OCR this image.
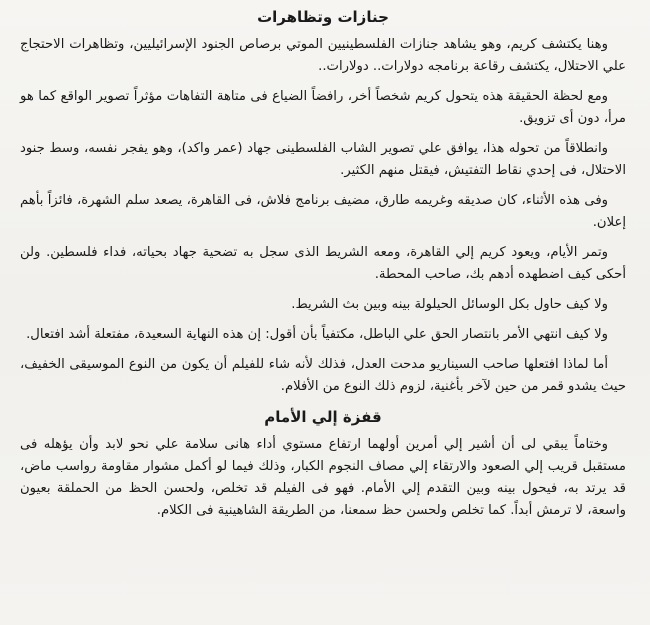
جنازات وتظاهرات

وهنا يكتشف كريم، وهو يشاهد جنازات الفلسطينيين الموتي برصاص الجنود الإسرائيليين، وتظاهرات الاحتجاج علي الاحتلال، يكتشف رقاعة برنامجه دولارات.. دولارات..

ومع لحظة الحقيقة هذه يتحول كريم شخصاً أخر، رافضاً الضياع فى متاهة التفاهات مؤثراً تصوير الواقع كما هو مرأ، دون أى تزويق.

وانطلاقاً من تحوله هذا، يوافق علي تصوير الشاب الفلسطينى جهاد (عمر واكد)، وهو يفجر نفسه، وسط جنود الاحتلال، فى إحدي نقاط التفتيش، فيقتل منهم الكثير.

وفى هذه الأثناء، كان صديقه وغريمه طارق، مضيف برنامج فلاش، فى القاهرة، يصعد سلم الشهرة، فائزاً بأهم إعلان.

وتمر الأيام، ويعود كريم إلي القاهرة، ومعه الشريط الذى سجل به تضحية جهاد بحياته، فداء فلسطين. ولن أحكى كيف اضطهده أدهم بك، صاحب المحطة.

ولا كيف حاول بكل الوسائل الحيلولة بينه وبين بث الشريط.

ولا كيف انتهي الأمر بانتصار الحق علي الباطل، مكتفياً بأن أقول: إن هذه النهاية السعيدة، مفتعلة أشد افتعال.

أما لماذا افتعلها صاحب السيناريو مدحت العدل، فذلك لأنه شاء للفيلم أن يكون من النوع الموسيقى الخفيف، حيث يشدو قمر من حين لآخر بأغنية، لزوم ذلك النوع من الأفلام.

قفزة إلي الأمام

وختاماً يبقي لى أن أشير إلي أمرين أولهما ارتفاع مستوي أداء هانى سلامة علي نحو لابد وأن يؤهله فى مستقبل قريب إلي الصعود والارتقاء إلي مصاف النجوم الكبار، وذلك فيما لو أكمل مشوار مقاومة رواسب ماض، قد يرتد به، فيحول بينه وبين التقدم إلي الأمام. فهو فى الفيلم قد تخلص، ولحسن الحظ من الحملقة بعيون واسعة، لا ترمش أبداً. كما تخلص ولحسن حظ سمعنا، من الطريقة الشاهينية فى الكلام.
